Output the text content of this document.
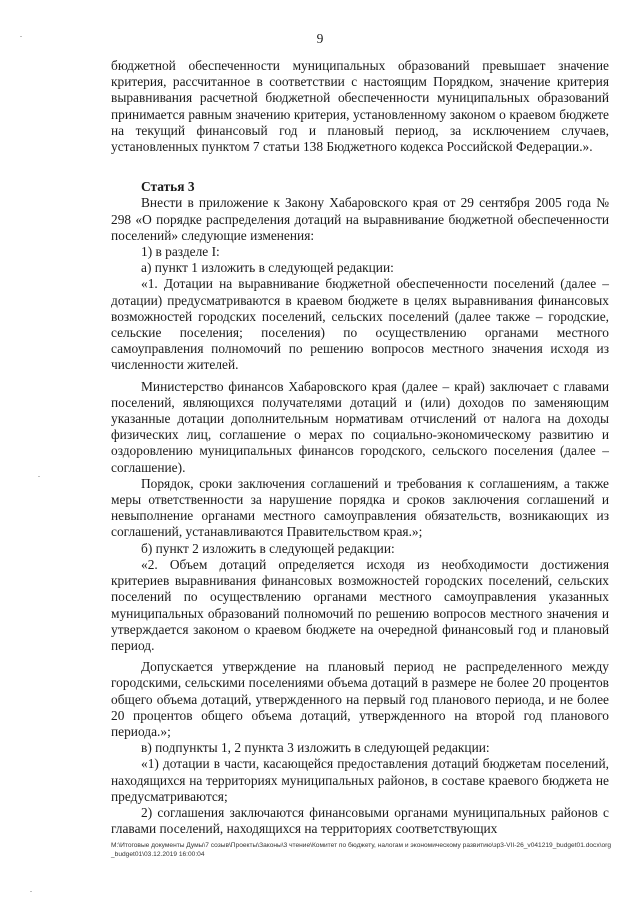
9

бюджетной обеспеченности муниципальных образований превышает значение критерия, рассчитанное в соответствии с настоящим Порядком, значение критерия выравнивания расчетной бюджетной обеспеченности муниципальных образований принимается равным значению критерия, установленному законом о краевом бюджете на текущий финансовый год и плановый период, за исключением случаев, установленных пунктом 7 статьи 138 Бюджетного кодекса Российской Федерации.».

Статья 3

Внести в приложение к Закону Хабаровского края от 29 сентября 2005 года № 298 «О порядке распределения дотаций на выравнивание бюджетной обеспеченности поселений» следующие изменения:

1) в разделе I:

а) пункт 1 изложить в следующей редакции:

«1. Дотации на выравнивание бюджетной обеспеченности поселений (далее – дотации) предусматриваются в краевом бюджете в целях выравнивания финансовых возможностей городских поселений, сельских поселений (далее также – городские, сельские поселения; поселения) по осуществлению органами местного самоуправления полномочий по решению вопросов местного значения исходя из численности жителей.

Министерство финансов Хабаровского края (далее – край) заключает с главами поселений, являющихся получателями дотаций и (или) доходов по заменяющим указанные дотации дополнительным нормативам отчислений от налога на доходы физических лиц, соглашение о мерах по социально-экономическому развитию и оздоровлению муниципальных финансов городского, сельского поселения (далее – соглашение).

Порядок, сроки заключения соглашений и требования к соглашениям, а также меры ответственности за нарушение порядка и сроков заключения соглашений и невыполнение органами местного самоуправления обязательств, возникающих из соглашений, устанавливаются Правительством края.»;

б) пункт 2 изложить в следующей редакции:

«2. Объем дотаций определяется исходя из необходимости достижения критериев выравнивания финансовых возможностей городских поселений, сельских поселений по осуществлению органами местного самоуправления указанных муниципальных образований полномочий по решению вопросов местного значения и утверждается законом о краевом бюджете на очередной финансовый год и плановый период.

Допускается утверждение на плановый период не распределенного между городскими, сельскими поселениями объема дотаций в размере не более 20 процентов общего объема дотаций, утвержденного на первый год планового периода, и не более 20 процентов общего объема дотаций, утвержденного на второй год планового периода.»;

в) подпункты 1, 2 пункта 3 изложить в следующей редакции:

«1) дотации в части, касающейся предоставления дотаций бюджетам поселений, находящихся на территориях муниципальных районов, в составе краевого бюджета не предусматриваются;

2) соглашения заключаются финансовыми органами муниципальных районов с главами поселений, находящихся на территориях соответствующих

M:\Итоговые документы Думы\7 созыв\Проекты\Законы\3 чтение\Комитет по бюджету, налогам и экономическому развитию\зр3-VII-26_v041219_budget01.docx\org_budget01\03.12.2019 16:00:04
.
.
.
